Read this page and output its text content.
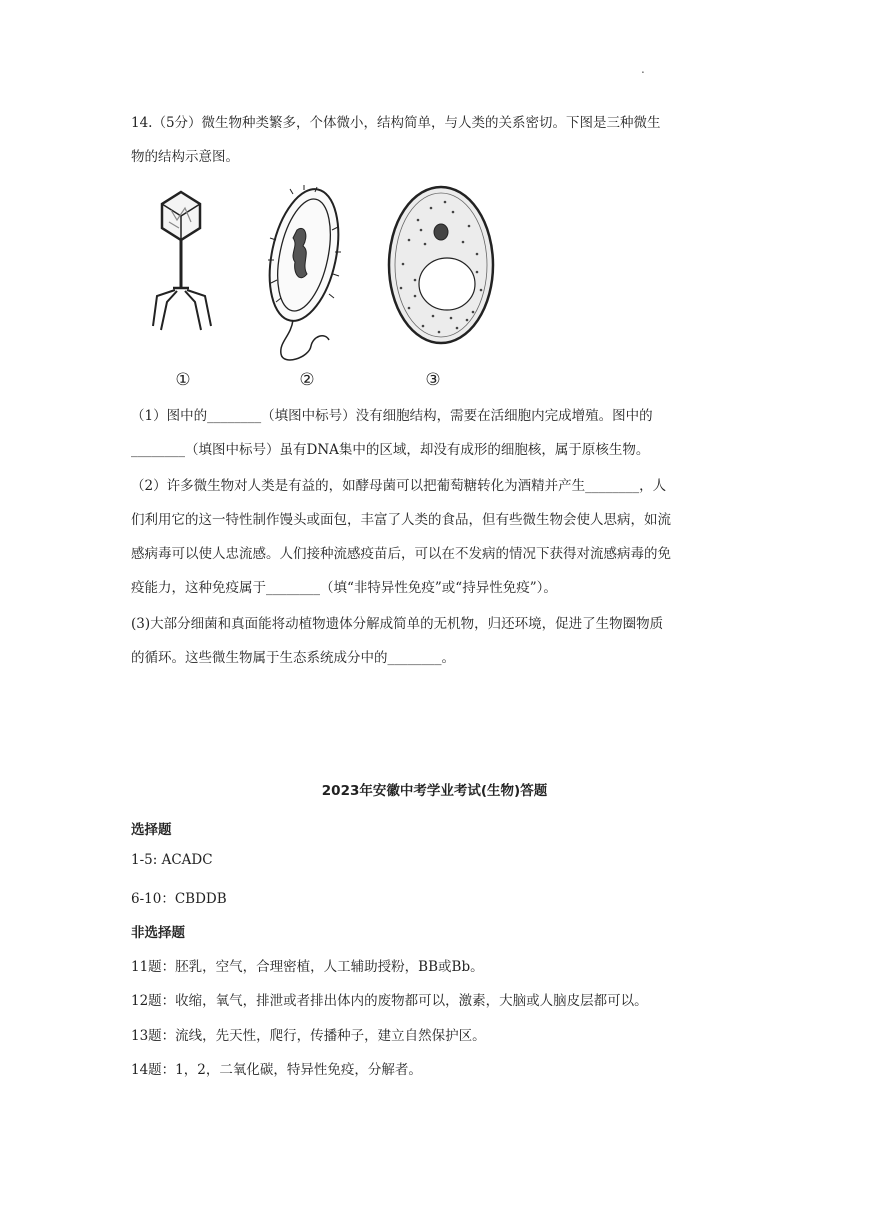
.

14.（5分）微生物种类繁多，个体微小，结构简单，与人类的关系密切。下图是三种微生

物的结构示意图。

①	②	③

（1）图中的________（填图中标号）没有细胞结构，需要在活细胞内完成增殖。图中的

________（填图中标号）虽有DNA集中的区域，却没有成形的细胞核，属于原核生物。

（2）许多微生物对人类是有益的，如酵母菌可以把葡萄糖转化为酒精并产生________，人

们利用它的这一特性制作馒头或面包，丰富了人类的食品，但有些微生物会使人思病，如流

感病毒可以使人忠流感。人们接种流感疫苗后，可以在不发病的情况下获得对流感病毒的免

疫能力，这种免疫属于________（填“非特异性免疫”或“持异性免疫”）。

(3)大部分细菌和真面能将动植物遗体分解成简单的无机物，归还环境，促进了生物圈物质

的循环。这些微生物属于生态系统成分中的________。

2023年安徽中考学业考试(生物)答题
选择题
1-5: ACADC
6-10：CBDDB
非选择题
11题：胚乳，空气，合理密植，人工辅助授粉，BB或Bb。
12题：收缩，氧气，排泄或者排出体内的废物都可以，激素，大脑或人脑皮层都可以。
13题：流线，先天性，爬行，传播种子，建立自然保护区。
14题：1，2，二氧化碳，特异性免疫，分解者。
